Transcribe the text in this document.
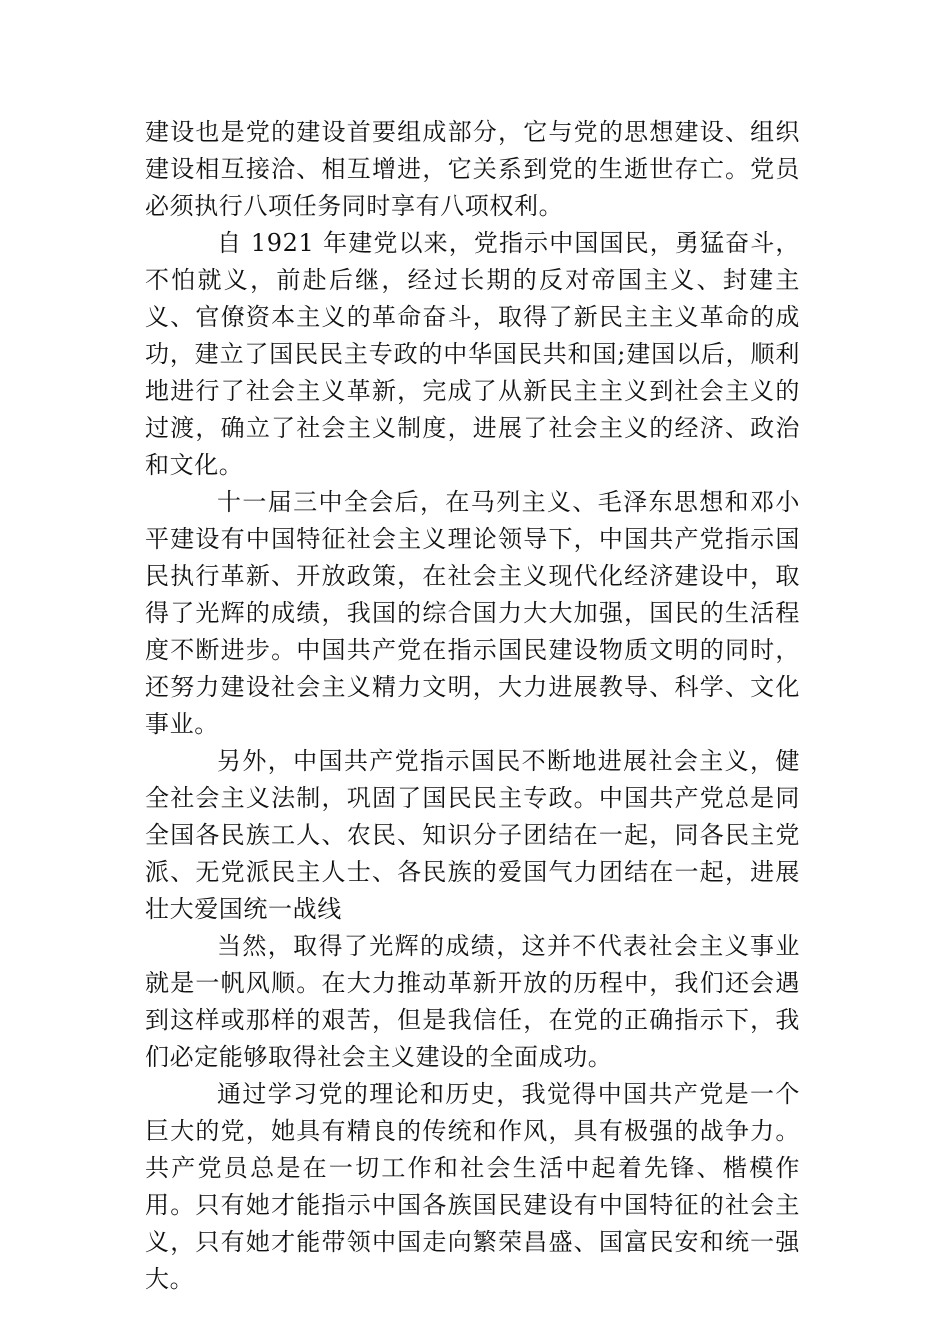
建设也是党的建设首要组成部分，它与党的思想建设、组织建设相互接洽、相互增进，它关系到党的生逝世存亡。党员必须执行八项任务同时享有八项权利。

自 1921 年建党以来，党指示中国国民，勇猛奋斗，不怕就义，前赴后继，经过长期的反对帝国主义、封建主义、官僚资本主义的革命奋斗，取得了新民主主义革命的成功，建立了国民民主专政的中华国民共和国;建国以后，顺利地进行了社会主义革新，完成了从新民主主义到社会主义的过渡，确立了社会主义制度，进展了社会主义的经济、政治和文化。

十一届三中全会后，在马列主义、毛泽东思想和邓小平建设有中国特征社会主义理论领导下，中国共产党指示国民执行革新、开放政策，在社会主义现代化经济建设中，取得了光辉的成绩，我国的综合国力大大加强，国民的生活程度不断进步。中国共产党在指示国民建设物质文明的同时，还努力建设社会主义精力文明，大力进展教导、科学、文化事业。

另外，中国共产党指示国民不断地进展社会主义，健全社会主义法制，巩固了国民民主专政。中国共产党总是同全国各民族工人、农民、知识分子团结在一起，同各民主党派、无党派民主人士、各民族的爱国气力团结在一起，进展壮大爱国统一战线

当然，取得了光辉的成绩，这并不代表社会主义事业就是一帆风顺。在大力推动革新开放的历程中，我们还会遇到这样或那样的艰苦，但是我信任，在党的正确指示下，我们必定能够取得社会主义建设的全面成功。

通过学习党的理论和历史，我觉得中国共产党是一个巨大的党，她具有精良的传统和作风，具有极强的战争力。共产党员总是在一切工作和社会生活中起着先锋、楷模作用。只有她才能指示中国各族国民建设有中国特征的社会主义，只有她才能带领中国走向繁荣昌盛、国富民安和统一强大。
